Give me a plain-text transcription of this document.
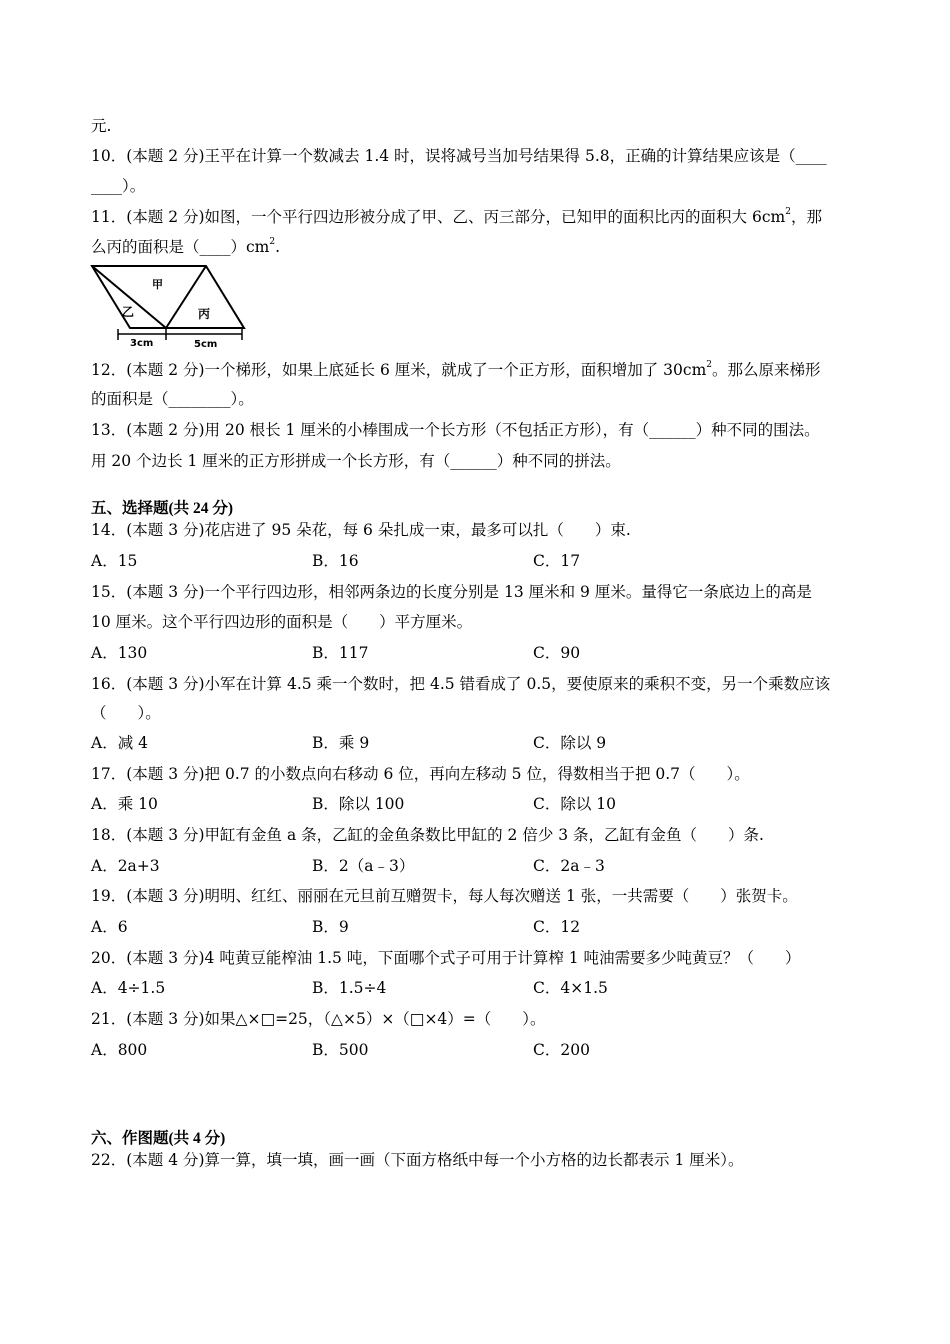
元.
10．(本题 2 分)王平在计算一个数减去 1.4 时，误将减号当加号结果得 5.8，正确的计算结果应该是（____
____）。
11．(本题 2 分)如图，一个平行四边形被分成了甲、乙、丙三部分，已知甲的面积比丙的面积大 $6cm^2$，那
么丙的面积是$(\_\_\_\_)cm^2$.
甲
乙	丙
3cm	5cm
12．(本题 2 分)一个梯形，如果上底延长 6 厘米，就成了一个正方形，面积增加了 $30cm^2$。那么原来梯形
的面积是（________）。
13．(本题 2 分)用 20 根长 1 厘米的小棒围成一个长方形（不包括正方形），有（______）种不同的围法。
用 20 个边长 1 厘米的正方形拼成一个长方形，有（______）种不同的拼法。
五、选择题(共 24 分)
14．(本题 3 分)花店进了 95 朵花，每 6 朵扎成一束，最多可以扎（　　）束.
A．15	B．16	C．17
15．(本题 3 分)一个平行四边形，相邻两条边的长度分别是 13 厘米和 9 厘米。量得它一条底边上的高是
10 厘米。这个平行四边形的面积是（　　）平方厘米。
A．130	B．117	C．90
16．(本题 3 分)小军在计算 4.5 乘一个数时，把 4.5 错看成了 0.5，要使原来的乘积不变，另一个乘数应该
（　　）。
A．减 4	B．乘 9	C．除以 9
17．(本题 3 分)把 0.7 的小数点向右移动 6 位，再向左移动 5 位，得数相当于把 0.7（　　）。
A．乘 10	B．除以 100	C．除以 10
18．(本题 3 分)甲缸有金鱼 a 条，乙缸的金鱼条数比甲缸的 2 倍少 3 条，乙缸有金鱼（　　）条.
A．2a+3	B．2（a﹣3）	C．2a﹣3
19．(本题 3 分)明明、红红、丽丽在元旦前互赠贺卡，每人每次赠送 1 张，一共需要（　　）张贺卡。
A．6	B．9	C．12
20．(本题 3 分)4 吨黄豆能榨油 1.5 吨，下面哪个式子可用于计算榨 1 吨油需要多少吨黄豆？（　　）
A．4÷1.5	B．1.5÷4	C．4×1.5
21．(本题 3 分)如果△×□=25，（△×5）×（□×4）=（　　）。
A．800	B．500	C．200
六、作图题(共 4 分)
22．(本题 4 分)算一算，填一填，画一画（下面方格纸中每一个小方格的边长都表示 1 厘米）。
